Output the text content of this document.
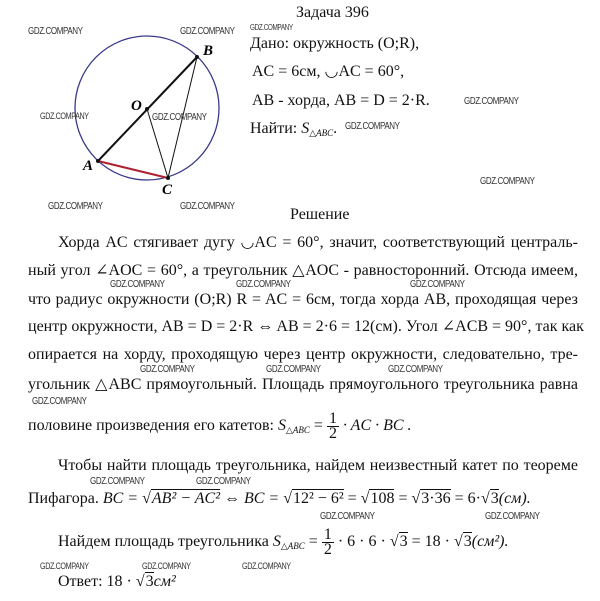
A
B
C
O
Задача 396
Дано: окружность (O;R),
AC = 6см, ◡AC = 60°,
AB - хорда, AB = D = 2·R.
Найти: $S_{\triangle ABC}$.
Решение
Хорда AC стягивает дугу ◡AC = 60°, значит, соответствующий централь-
ный угол ∠AOC = 60°, а треугольник △AOC - равносторонний. Отсюда имеем,
что радиус окружности (O;R) R = AC = 6см, тогда хорда AB, проходящая через
центр окружности, AB = D = 2·R ⇔ AB = 2·6 = 12(см). Угол ∠ACB = 90°, так как
опирается на хорду, проходящую через центр окружности, следовательно, тре-
угольник △ABC прямоугольный. Площадь прямоугольного треугольника равна
половине произведения его катетов: $S_{\triangle ABC} = \frac{1}{2}$ · AC · BC .
Чтобы найти площадь треугольника, найдем неизвестный катет по теореме
Пифагора. BC = √AB² − AC² ⇔ BC = √12² − 6² = √108 = √3·36 = 6·√3(см).
Найдем площадь треугольника $S_{\triangle ABC} = \frac{1}{2} \cdot 6 \cdot 6 \cdot √3 = 18 \cdot √3(см^2)$.
Ответ: 18 · √3см²
GDZ.COMPANY	GDZ.COMPANY GDZ.COMPANY
GDZ.COMPANY	GDZ.COMPANY
GDZ.COMPANY
GDZ.COMPANY
GDZ.COMPANY
GDZ.COMPANY	GDZ.COMPANY
GDZ.COMPANY	GDZ.COMPANY	GDZ.COMPANY
GDZ.COMPANY	GDZ.COMPANY	GDZ.COMPANY
GDZ.COMPANY
GDZ.COMPANY	GDZ.COMPANY
GDZ.COMPANY	GDZ.COMPANY
GDZ.COMPANY	GDZ.COMPANY	GDZ.COMPANY
